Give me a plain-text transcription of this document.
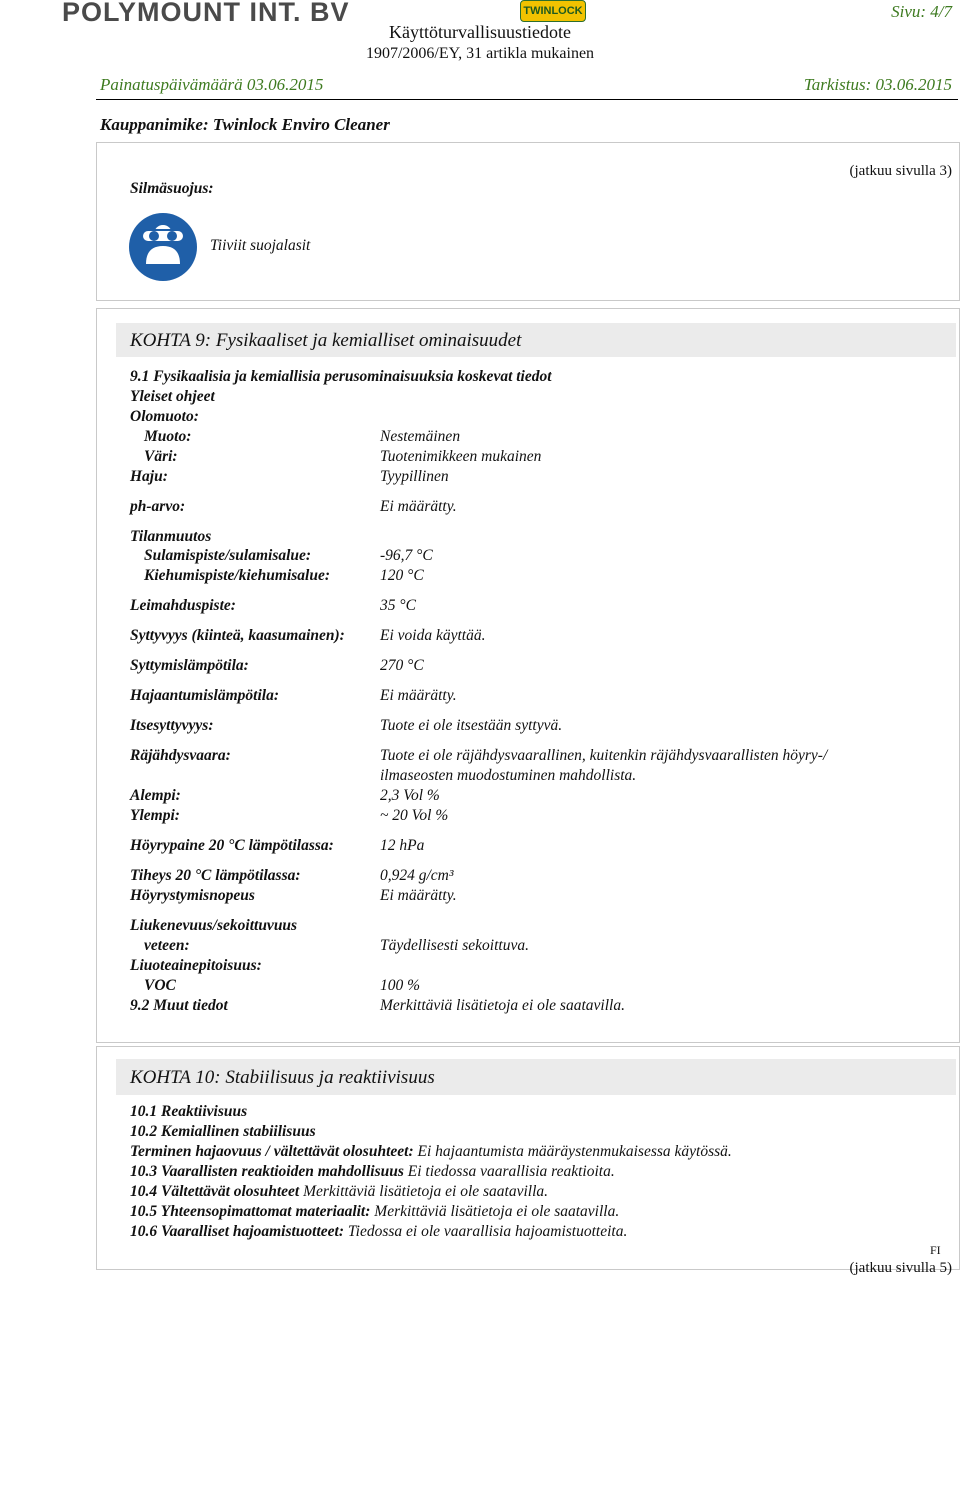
POLYMOUNT INT. BV	TWINLOCK
Käyttöturvallisuustiedote
1907/2006/EY, 31 artikla mukainen
Sivu: 4/7
Painatuspäivämäärä 03.06.2015	Tarkistus: 03.06.2015
Kauppanimike: Twinlock Enviro Cleaner
(jatkuu sivulla 3)
Silmäsuojus:
Tiiviit suojalasit
KOHTA 9: Fysikaaliset ja kemialliset ominaisuudet
9.1 Fysikaalisia ja kemiallisia perusominaisuuksia koskevat tiedot
Yleiset ohjeet
Olomuoto:
Muoto:	Nestemäinen
Väri:	Tuotenimikkeen mukainen
Haju:	Tyypillinen
ph-arvo:	Ei määrätty.
Tilanmuutos
Sulamispiste/sulamisalue:	-96,7 °C
Kiehumispiste/kiehumisalue:	120 °C
Leimahduspiste:	35 °C
Syttyvyys (kiinteä, kaasumainen): Ei voida käyttää.
Syttymislämpötila:	270 °C
Hajaantumislämpötila:	Ei määrätty.
Itsesyttyvyys:	Tuote ei ole itsestään syttyvä.
Räjähdysvaara:	Tuote ei ole räjähdysvaarallinen, kuitenkin räjähdysvaarallisten höyry-/
ilmaseosten muodostuminen mahdollista.
Alempi:	2,3 Vol %
Ylempi:	~ 20 Vol %
Höyrypaine 20 °C lämpötilassa:	12 hPa
Tiheys 20 °C lämpötilassa:	0,924 g/cm³
Höyrystymisnopeus	Ei määrätty.
Liukenevuus/sekoittuvuus
veteen:	Täydellisesti sekoittuva.
Liuoteainepitoisuus:
VOC	100 %
9.2 Muut tiedot	Merkittäviä lisätietoja ei ole saatavilla.
KOHTA 10: Stabiilisuus ja reaktiivisuus
10.1 Reaktiivisuus
10.2 Kemiallinen stabiilisuus
Terminen hajaovuus / vältettävät olosuhteet: Ei hajaantumista määräystenmukaisessa käytössä.
10.3 Vaarallisten reaktioiden mahdollisuus Ei tiedossa vaarallisia reaktioita.
10.4 Vältettävät olosuhteet Merkittäviä lisätietoja ei ole saatavilla.
10.5 Yhteensopimattomat materiaalit: Merkittäviä lisätietoja ei ole saatavilla.
10.6 Vaaralliset hajoamistuotteet: Tiedossa ei ole vaarallisia hajoamistuotteita.
FI
(jatkuu sivulla 5)
